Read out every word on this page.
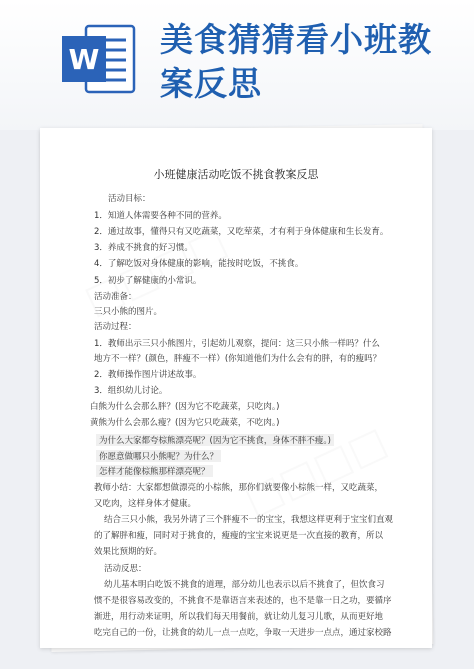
W
美食猜猜看小班教
案反思
小班健康活动吃饭不挑食教案反思
活动目标：
1．知道人体需要各种不同的营养。
2．通过故事，懂得只有又吃蔬菜，又吃荤菜，才有利于身体健康和生长发育。
3．养成不挑食的好习惯。
4．了解吃饭对身体健康的影响，能按时吃饭，不挑食。
5．初步了解健康的小常识。
活动准备：
三只小熊的图片。
活动过程：
1．教师出示三只小熊图片，引起幼儿观察，提问：这三只小熊一样吗？什么
地方不一样？(颜色，胖瘦不一样）(你知道他们为什么会有的胖，有的瘦吗？
2．教师操作图片讲述故事。
3．组织幼儿讨论。
白熊为什么会那么胖？(因为它不吃蔬菜，只吃肉。)
黄熊为什么会那么瘦？(因为它只吃蔬菜，不吃肉。)
为什么大家都夸棕熊漂亮呢？(因为它不挑食，身体不胖不瘦。)
你愿意做哪只小熊呢？为什么？
怎样才能像棕熊那样漂亮呢？
教师小结：大家都想做漂亮的小棕熊，那你们就要像小棕熊一样，又吃蔬菜，
又吃肉，这样身体才健康。
结合三只小熊，我另外请了三个胖瘦不一的宝宝，我想这样更利于宝宝们直观
的了解胖和瘦，同时对于挑食的，瘦瘦的宝宝来说更是一次直接的教育，所以
效果比预期的好。
活动反思：
幼儿基本明白吃饭不挑食的道理，部分幼儿也表示以后不挑食了，但饮食习
惯不是很容易改变的，不挑食不是靠语言来表述的，也不是靠一日之功，要循序
渐进，用行动来证明，所以我们每天用餐前，就让幼儿复习儿歌，从而更好地
吃完自己的一份，让挑食的幼儿一点一点吃，争取一天进步一点点，通过家校路
